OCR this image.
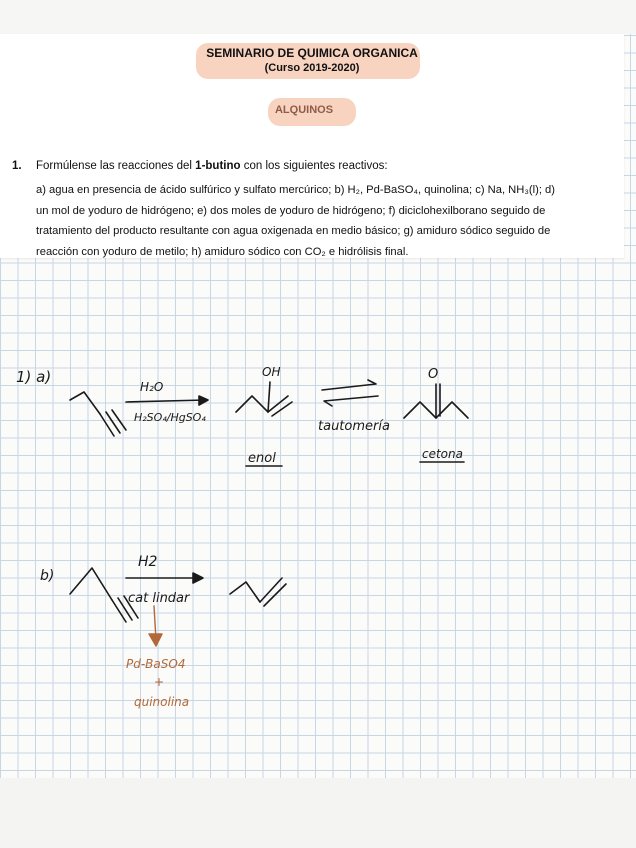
SEMINARIO DE QUIMICA ORGANICA
(Curso 2019-2020)
ALQUINOS
1. Formúlense las reacciones del 1-butino con los siguientes reactivos:
a) agua en presencia de ácido sulfúrico y sulfato mercúrico; b) H₂, Pd-BaSO₄, quinolina; c) Na, NH₃(l); d)
un mol de yoduro de hidrógeno; e) dos moles de yoduro de hidrógeno; f) diciclohexilborano seguido de
tratamiento del producto resultante con agua oxigenada en medio básico; g) amiduro sódico seguido de
reacción con yoduro de metilo; h) amiduro sódico con CO₂ e hidrólisis final.
1) a)
H₂O
H₂SO₄/HgSO₄
OH
enol
tautomería
O
cetona
b)
H2
cat lindar
Pd-BaSO4
+
quinolina
